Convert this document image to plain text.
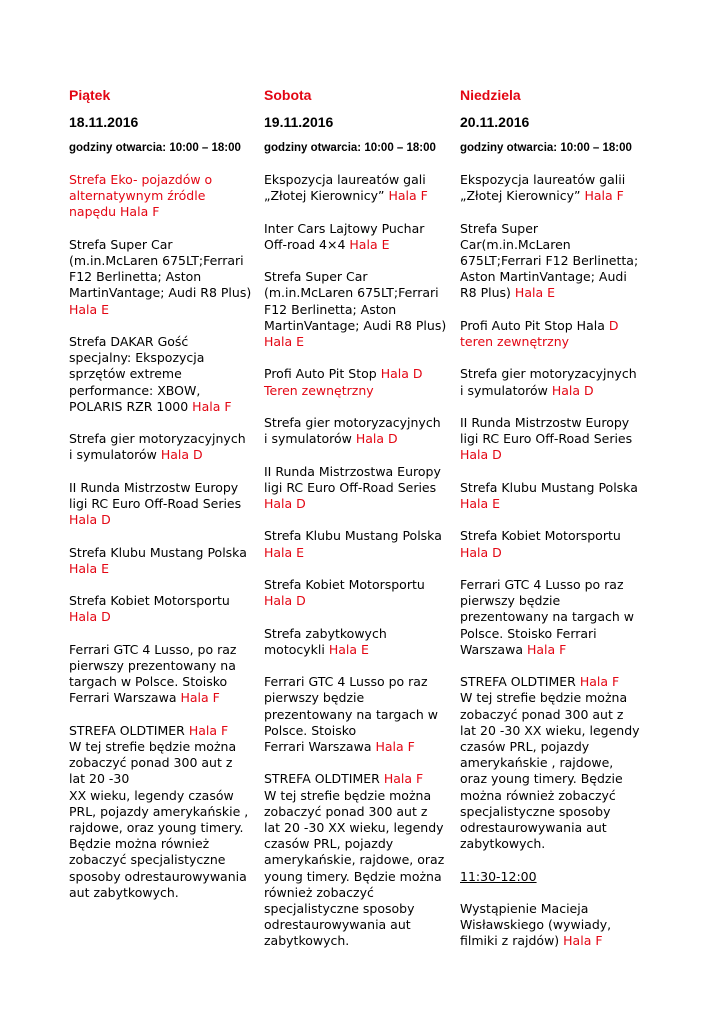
Piątek
18.11.2016
godziny otwarcia: 10:00 – 18:00
Strefa Eko- pojazdów o
alternatywnym źródle
napędu Hala F
Strefa Super Car
(m.in.McLaren 675LT;Ferrari
F12 Berlinetta; Aston
MartinVantage; Audi R8 Plus)
Hala E
Strefa DAKAR Gość
specjalny: Ekspozycja
sprzętów extreme
performance: XBOW,
POLARIS RZR 1000 Hala F
Strefa gier motoryzacyjnych
i symulatorów Hala D
II Runda Mistrzostw Europy
ligi RC Euro Off-Road Series
Hala D
Strefa Klubu Mustang Polska
Hala E
Strefa Kobiet Motorsportu
Hala D
Ferrari GTC 4 Lusso, po raz
pierwszy prezentowany na
targach w Polsce. Stoisko
Ferrari Warszawa Hala F
STREFA OLDTIMER Hala F
W tej strefie będzie można
zobaczyć ponad 300 aut z
lat 20 -30
XX wieku, legendy czasów
PRL, pojazdy amerykańskie ,
rajdowe, oraz young timery.
Będzie można również
zobaczyć specjalistyczne
sposoby odrestaurowywania
aut zabytkowych.
Sobota
19.11.2016
godziny otwarcia: 10:00 – 18:00
Ekspozycja laureatów gali
„Złotej Kierownicy” Hala F
Inter Cars Lajtowy Puchar
Off-road 4×4 Hala E
Strefa Super Car
(m.in.McLaren 675LT;Ferrari
F12 Berlinetta; Aston
MartinVantage; Audi R8 Plus)
Hala E
Profi Auto Pit Stop Hala D
Teren zewnętrzny
Strefa gier motoryzacyjnych
i symulatorów Hala D
II Runda Mistrzostwa Europy
ligi RC Euro Off-Road Series
Hala D
Strefa Klubu Mustang Polska
Hala E
Strefa Kobiet Motorsportu
Hala D
Strefa zabytkowych
motocykli Hala E
Ferrari GTC 4 Lusso po raz
pierwszy będzie
prezentowany na targach w
Polsce. Stoisko
Ferrari Warszawa Hala F
STREFA OLDTIMER Hala F
W tej strefie będzie można
zobaczyć ponad 300 aut z
lat 20 -30 XX wieku, legendy
czasów PRL, pojazdy
amerykańskie, rajdowe, oraz
young timery. Będzie można
również zobaczyć
specjalistyczne sposoby
odrestaurowywania aut
zabytkowych.
Niedziela
20.11.2016
godziny otwarcia: 10:00 – 18:00
Ekspozycja laureatów galii
„Złotej Kierownicy” Hala F
Strefa Super
Car(m.in.McLaren
675LT;Ferrari F12 Berlinetta;
Aston MartinVantage; Audi
R8 Plus) Hala E
Profi Auto Pit Stop Hala D
teren zewnętrzny
Strefa gier motoryzacyjnych
i symulatorów Hala D
II Runda Mistrzostw Europy
ligi RC Euro Off-Road Series
Hala D
Strefa Klubu Mustang Polska
Hala E
Strefa Kobiet Motorsportu
Hala D
Ferrari GTC 4 Lusso po raz
pierwszy będzie
prezentowany na targach w
Polsce. Stoisko Ferrari
Warszawa Hala F
STREFA OLDTIMER Hala F
W tej strefie będzie można
zobaczyć ponad 300 aut z
lat 20 -30 XX wieku, legendy
czasów PRL, pojazdy
amerykańskie , rajdowe,
oraz young timery. Będzie
można również zobaczyć
specjalistyczne sposoby
odrestaurowywania aut
zabytkowych.
11:30-12:00
Wystąpienie Macieja
Wisławskiego (wywiady,
filmiki z rajdów) Hala F
